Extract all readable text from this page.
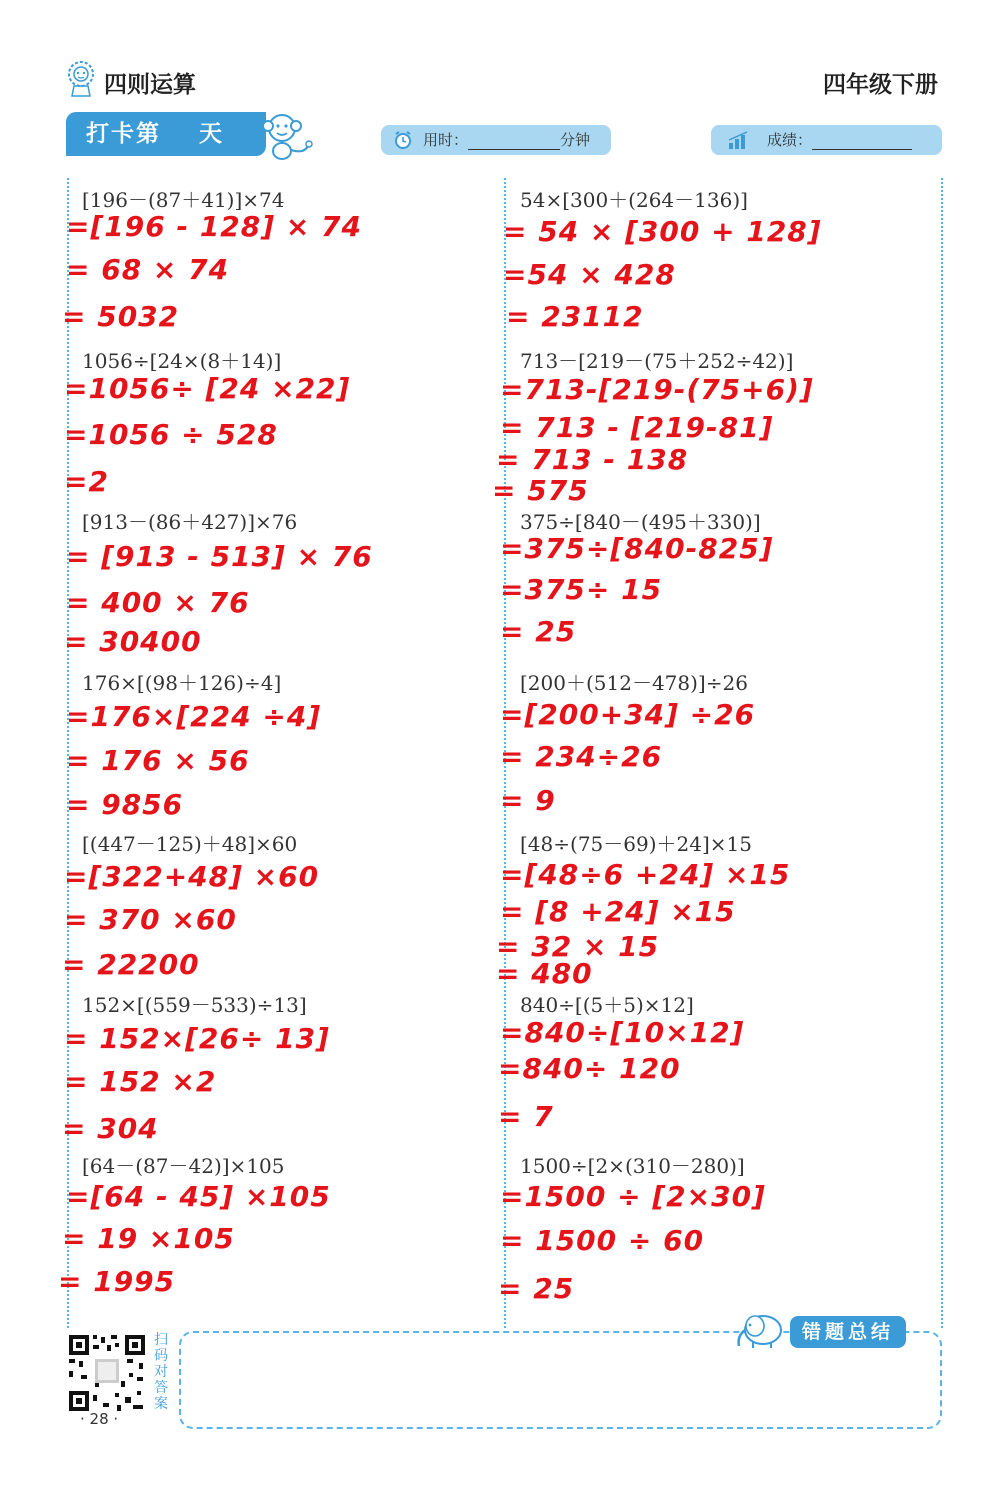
四则运算	四年级下册
打卡第 天	用时：	分钟	成绩：
[196－(87＋41)]×74
=[196 - 128] × 74
= 68 × 74
= 5032
1056÷[24×(8＋14)]
=1056÷ [24 ×22]
=1056 ÷ 528
=2
[913－(86＋427)]×76
= [913 - 513] × 76
= 400 × 76
= 30400
176×[(98＋126)÷4]
=176×[224 ÷4]
= 176 × 56
= 9856
[(447－125)＋48]×60
=[322+48] ×60
= 370 ×60
= 22200
152×[(559－533)÷13]
= 152×[26÷ 13]
= 152 ×2
= 304
[64－(87－42)]×105
=[64 - 45] ×105
= 19 ×105
= 1995
54×[300＋(264－136)]
= 54 × [300 + 128]
=54 × 428
= 23112
713－[219－(75＋252÷42)]
=713-[219-(75+6)]
= 713 - [219-81]
= 713 - 138
= 575
375÷[840－(495＋330)]
=375÷[840-825]
=375÷ 15
= 25
[200＋(512－478)]÷26
=[200+34] ÷26
= 234÷26
= 9
[48÷(75－69)＋24]×15
=[48÷6 +24] ×15
= [8 +24] ×15
= 32 × 15
= 480
840÷[(5＋5)×12]
=840÷[10×12]
=840÷ 120
= 7
1500÷[2×(310－280)]
=1500 ÷ [2×30]
= 1500 ÷ 60
= 25
错题总结
扫码对答案
· 28 ·
